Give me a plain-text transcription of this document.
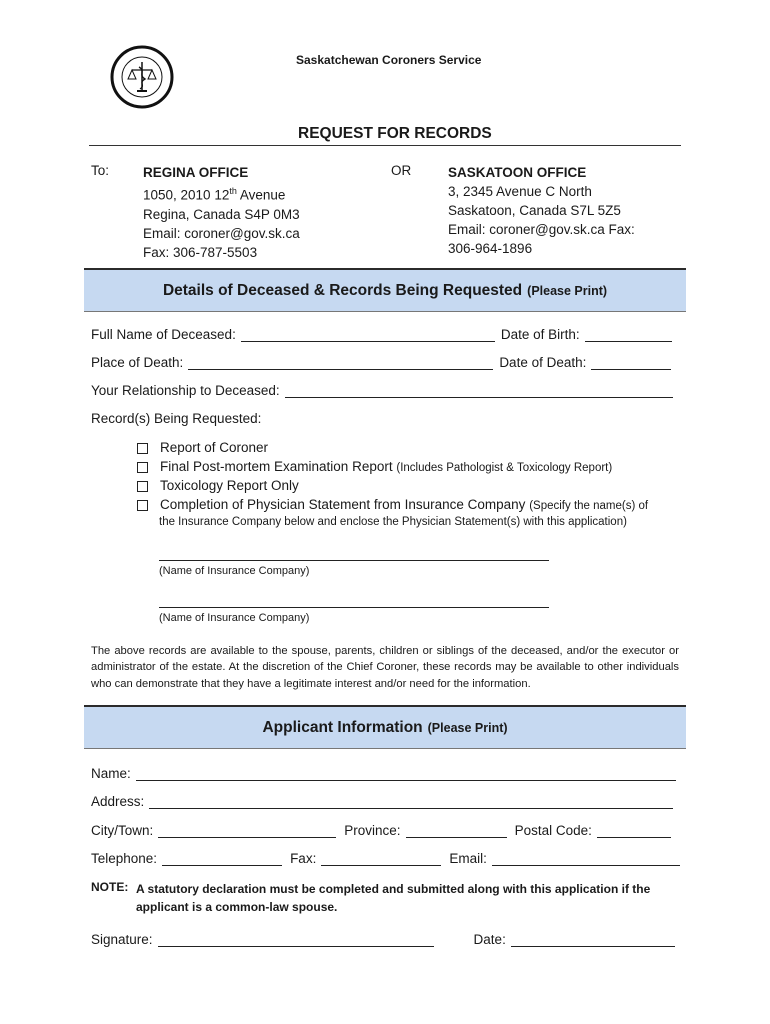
Saskatchewan Coroners Service
REQUEST FOR RECORDS
To:	REGINA OFFICE
1050, 2010 12th Avenue
Regina, Canada S4P 0M3
Email: coroner@gov.sk.ca
Fax: 306-787-5503
OR	SASKATOON OFFICE
3, 2345 Avenue C North
Saskatoon, Canada S7L 5Z5
Email: coroner@gov.sk.ca Fax:
306-964-1896
Details of Deceased & Records Being Requested (Please Print)
Full Name of Deceased:	Date of Birth:
Place of Death:	Date of Death:
Your Relationship to Deceased:
Record(s) Being Requested:
Report of Coroner
Final Post-mortem Examination Report (Includes Pathologist & Toxicology Report)
Toxicology Report Only
Completion of Physician Statement from Insurance Company (Specify the name(s) of
the Insurance Company below and enclose the Physician Statement(s) with this application)
(Name of Insurance Company)
(Name of Insurance Company)
The above records are available to the spouse, parents, children or siblings of the deceased, and/or the executor or administrator of the estate. At the discretion of the Chief Coroner, these records may be available to other individuals who can demonstrate that they have a legitimate interest and/or need for the information.
Applicant Information (Please Print)
Name:
Address:
City/Town:	Province:	Postal Code:
Telephone:	Fax:	Email:
NOTE: A statutory declaration must be completed and submitted along with this application if the
applicant is a common-law spouse.
Signature:	Date:
